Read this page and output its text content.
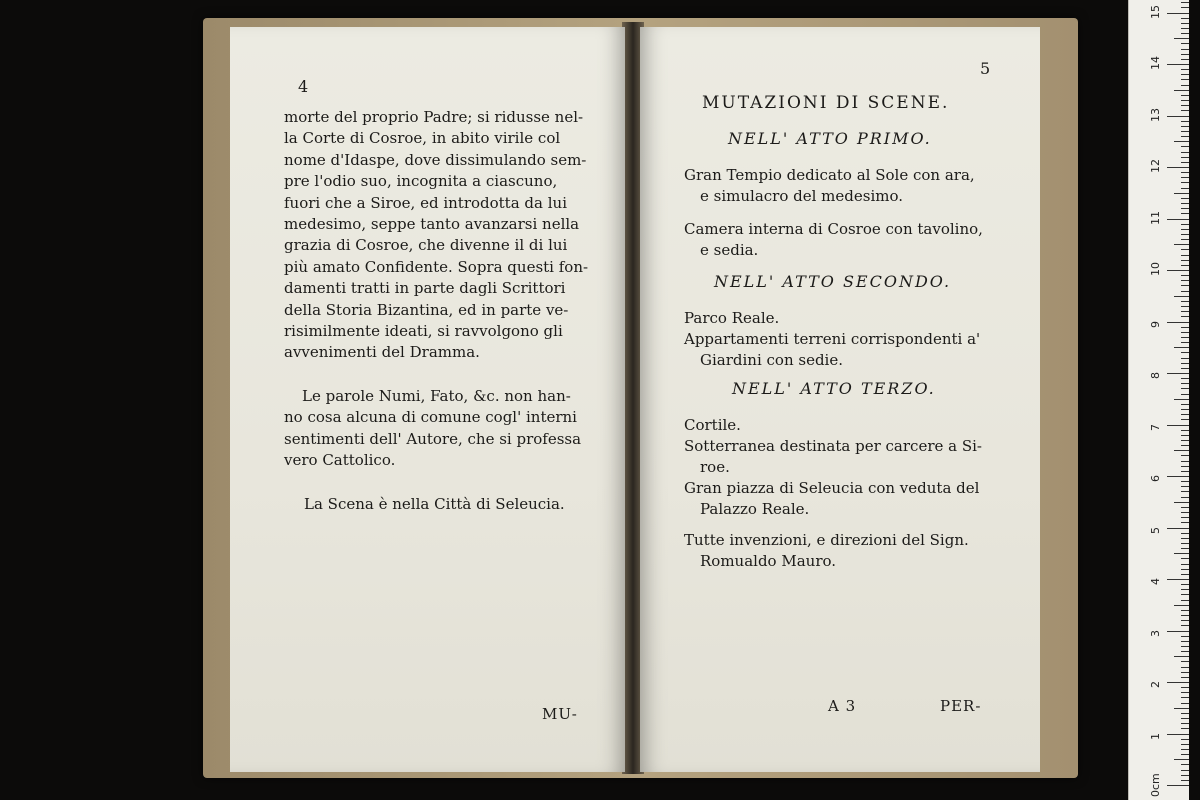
4

morte del proprio Padre; si ridusse nel-

la Corte di Cosroe, in abito virile col

nome d'Idaspe, dove dissimulando sem-

pre l'odio suo, incognita a ciascuno,

fuori che a Siroe, ed introdotta da lui

medesimo, seppe tanto avanzarsi nella

grazia di Cosroe, che divenne il di lui

più amato Confidente. Sopra questi fon-

damenti tratti in parte dagli Scrittori

della Storia Bizantina, ed in parte ve-

risimilmente ideati, si ravvolgono gli

avvenimenti del Dramma.

Le parole Numi, Fato, &c. non han-

no cosa alcuna di comune cogl' interni

sentimenti dell' Autore, che si professa

vero Cattolico.

La Scena è nella Città di Seleucia.

MU-
5
MUTAZIONI DI SCENE.
NELL' ATTO PRIMO.

Gran Tempio dedicato al Sole con ara,

e simulacro del medesimo.

Camera interna di Cosroe con tavolino,

e sedia.

NELL' ATTO SECONDO.

Parco Reale.

Appartamenti terreni corrispondenti a'

Giardini con sedie.

NELL' ATTO TERZO.

Cortile.

Sotterranea destinata per carcere a Si-

roe.

Gran piazza di Seleucia con veduta del

Palazzo Reale.

Tutte invenzioni, e direzioni del Sign.

Romualdo Mauro.

A 3	PER-
0cm
1
2
3
4
5
6
7
8
9
10
11
12
13
14
15
